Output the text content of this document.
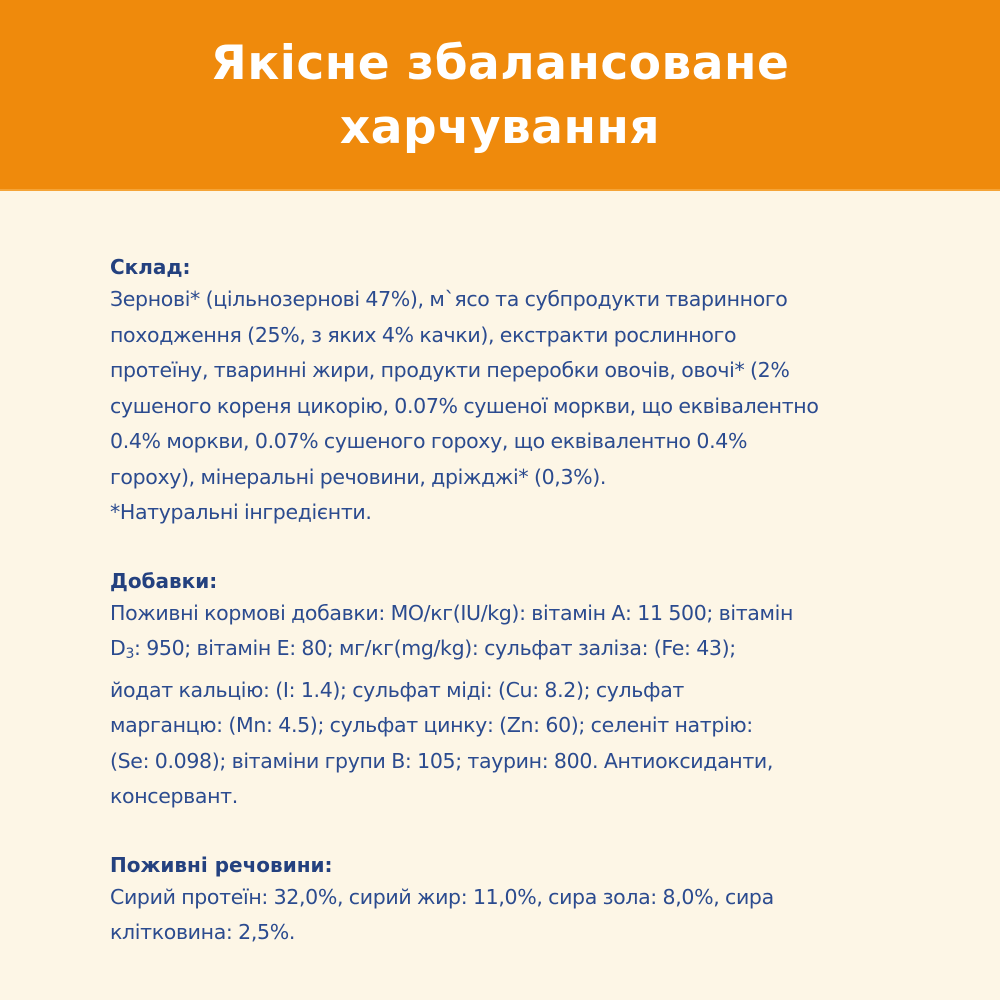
Якісне збалансоване
харчування
Склад:

Зернові* (цільнозернові 47%), м`ясо та субпродукти тваринного
походження (25%, з яких 4% качки), екстракти рослинного
протеїну, тваринні жири, продукти переробки овочів, овочі* (2%
сушеного кореня цикорію, 0.07% сушеної моркви, що еквівалентно
0.4% моркви, 0.07% сушеного гороху, що еквівалентно 0.4%
гороху), мінеральні речовини, дріжджі* (0,3%).
*Натуральні інгредієнти.

Добавки:

Поживні кормові добавки: МО/кг(IU/kg): вітамін А: 11 500; вітамін
$D_3$: 950; вітамін Е: 80; мг/кг(mg/kg): сульфат заліза: (Fe: 43);
йодат кальцію: (I: 1.4); сульфат міді: (Cu: 8.2); сульфат
марганцю: (Mn: 4.5); сульфат цинку: (Zn: 60); селеніт натрію:
(Se: 0.098); вітаміни групи В: 105; таурин: 800. Антиоксиданти,
консервант.

Поживні речовини:

Сирий протеїн: 32,0%, сирий жир: 11,0%, сира зола: 8,0%, сира
клітковина: 2,5%.
